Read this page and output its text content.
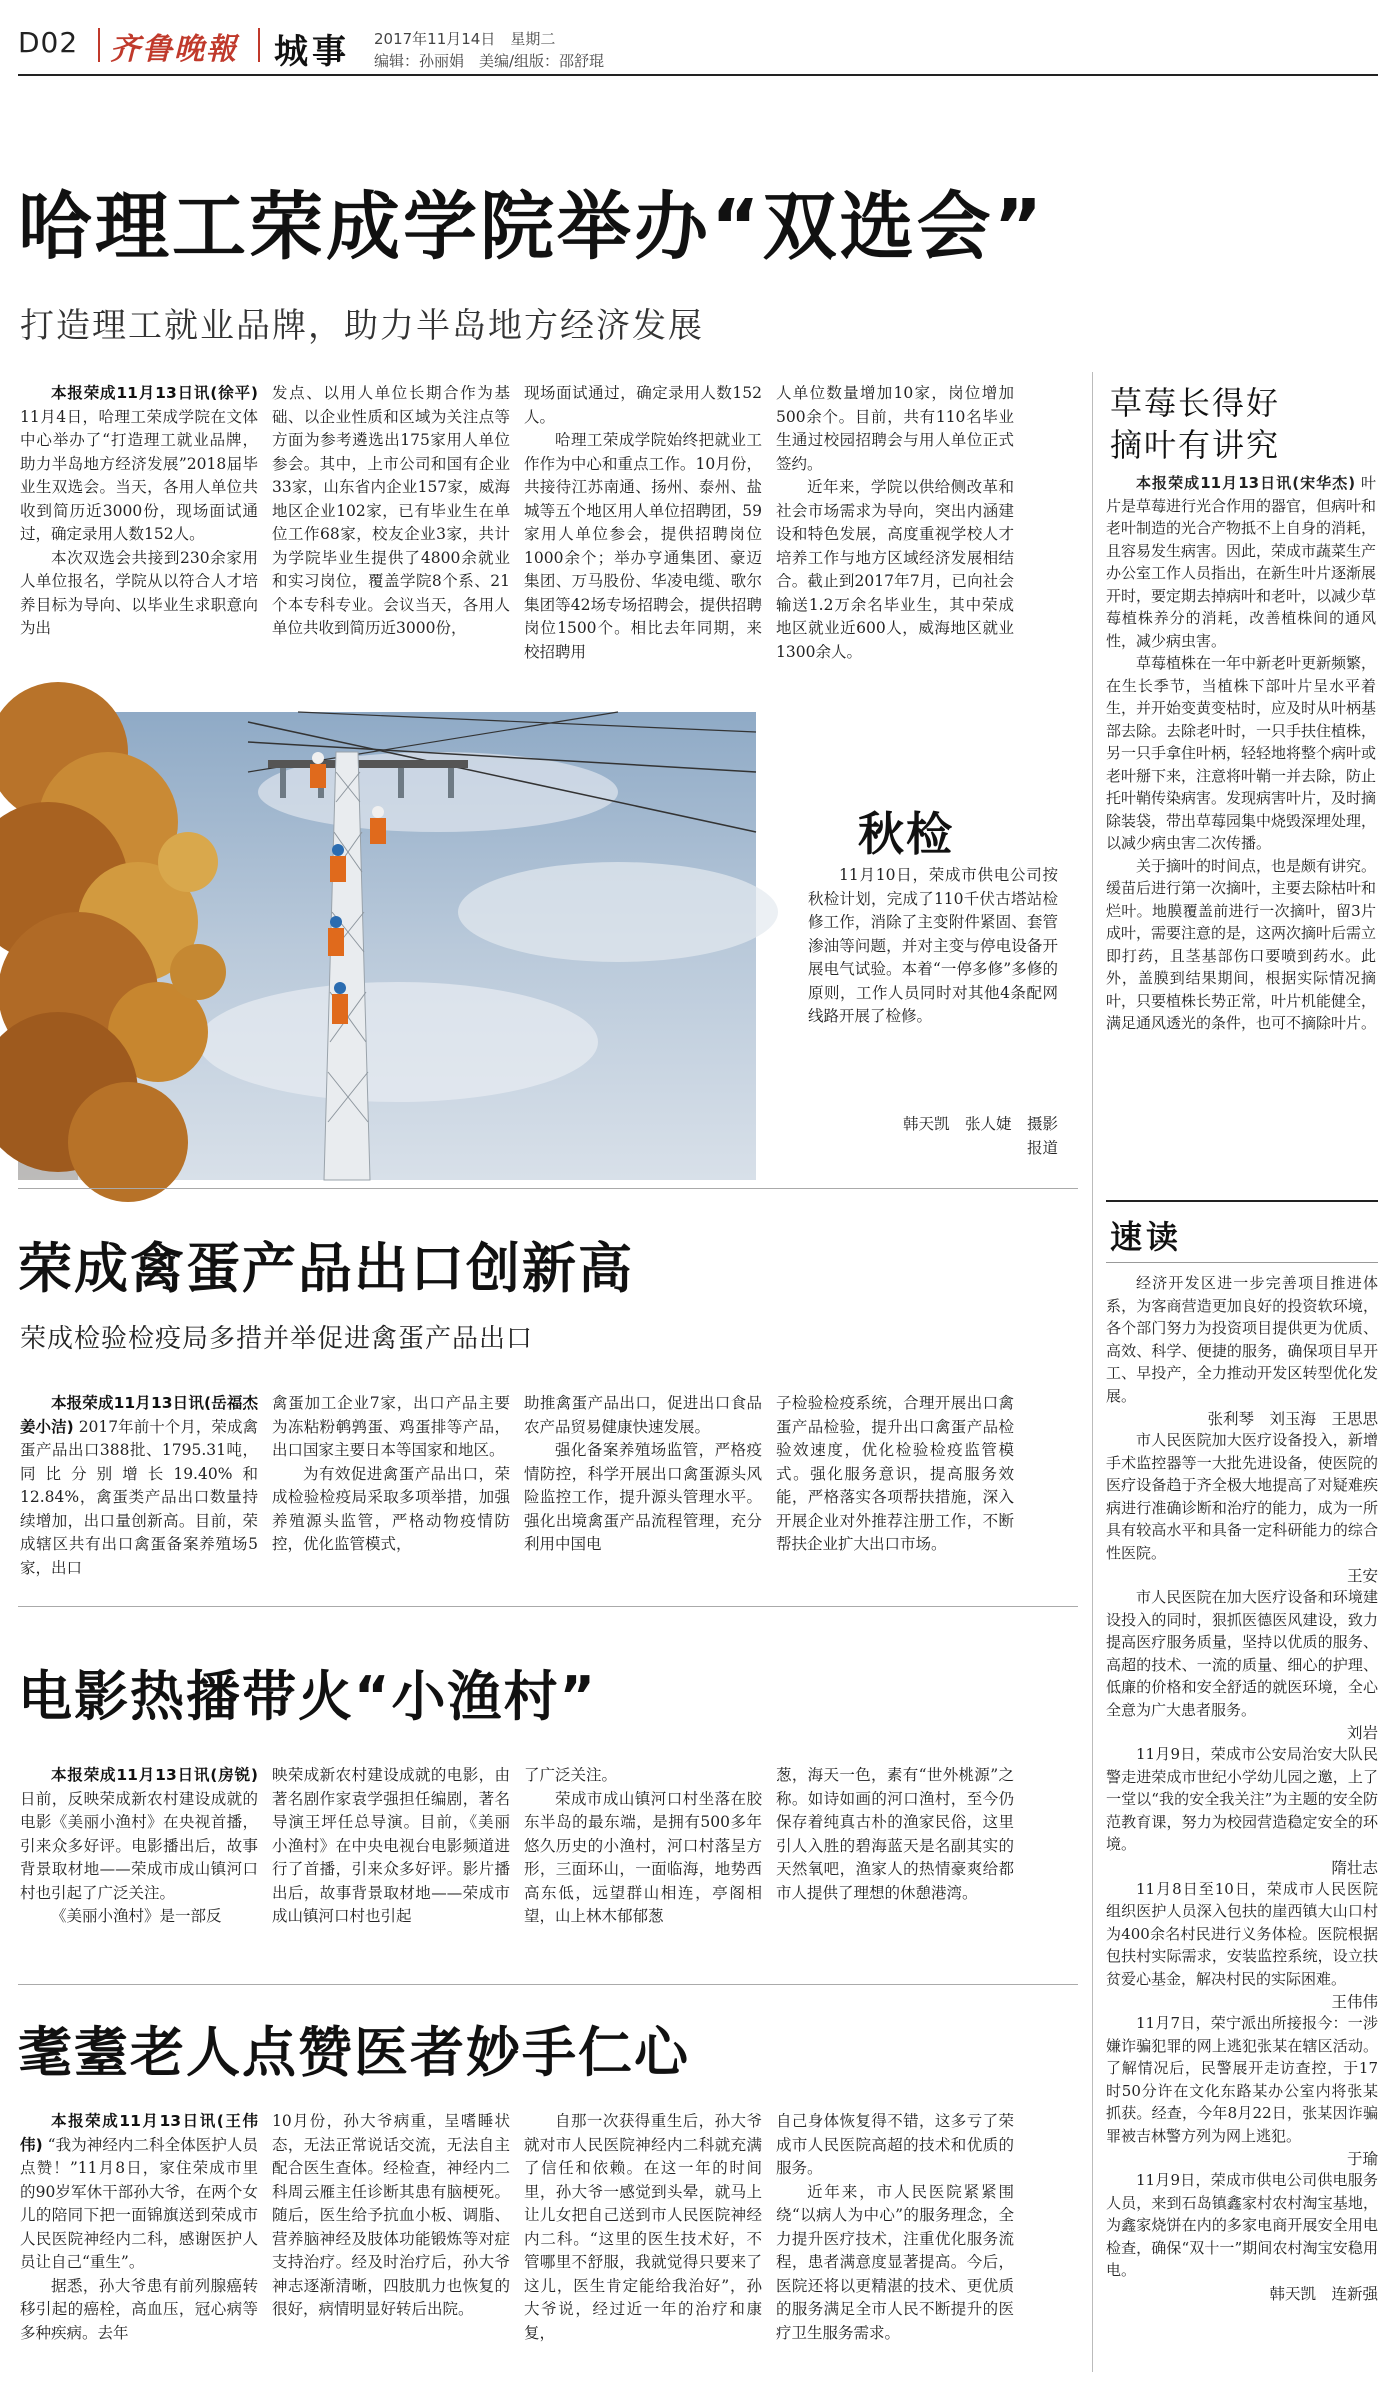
D02 齐鲁晚報 城事 2017年11月14日　星期二
编辑：孙丽娟　美编/组版：邵舒琨
哈理工荣成学院举办“双选会”
打造理工就业品牌，助力半岛地方经济发展

本报荣成11月13日讯(徐平) 11月4日，哈理工荣成学院在文体中心举办了“打造理工就业品牌，助力半岛地方经济发展”2018届毕业生双选会。当天，各用人单位共收到简历近3000份，现场面试通过，确定录用人数152人。

本次双选会共接到230余家用人单位报名，学院从以符合人才培养目标为导向、以毕业生求职意向为出

发点、以用人单位长期合作为基础、以企业性质和区域为关注点等方面为参考遴选出175家用人单位参会。其中，上市公司和国有企业33家，山东省内企业157家，威海地区企业102家，已有毕业生在单位工作68家，校友企业3家，共计为学院毕业生提供了4800余就业和实习岗位，覆盖学院8个系、21个本专科专业。会议当天，各用人单位共收到简历近3000份，

现场面试通过，确定录用人数152人。

哈理工荣成学院始终把就业工作作为中心和重点工作。10月份，共接待江苏南通、扬州、泰州、盐城等五个地区用人单位招聘团，59家用人单位参会，提供招聘岗位1000余个；举办亨通集团、豪迈集团、万马股份、华凌电缆、歌尔集团等42场专场招聘会，提供招聘岗位1500个。相比去年同期，来校招聘用

人单位数量增加10家，岗位增加500余个。目前，共有110名毕业生通过校园招聘会与用人单位正式签约。

近年来，学院以供给侧改革和社会市场需求为导向，突出内涵建设和特色发展，高度重视学校人才培养工作与地方区域经济发展相结合。截止到2017年7月，已向社会输送1.2万余名毕业生，其中荣成地区就业近600人，威海地区就业1300余人。

秋检

11月10日，荣成市供电公司按秋检计划，完成了110千伏古塔站检修工作，消除了主变附件紧固、套管渗油等问题，并对主变与停电设备开展电气试验。本着“一停多修”多修的原则，工作人员同时对其他4条配网线路开展了检修。

韩天凯　张人婕　摄影
报道
荣成禽蛋产品出口创新高
荣成检验检疫局多措并举促进禽蛋产品出口

本报荣成11月13日讯(岳福杰　姜小洁) 2017年前十个月，荣成禽蛋产品出口388批、1795.31吨，同比分别增长19.40%和12.84%，禽蛋类产品出口数量持续增加，出口量创新高。目前，荣成辖区共有出口禽蛋备案养殖场5家，出口

禽蛋加工企业7家，出口产品主要为冻粘粉鹌鹑蛋、鸡蛋排等产品，出口国家主要日本等国家和地区。

为有效促进禽蛋产品出口，荣成检验检疫局采取多项举措，加强养殖源头监管，严格动物疫情防控，优化监管模式，

助推禽蛋产品出口，促进出口食品农产品贸易健康快速发展。

强化备案养殖场监管，严格疫情防控，科学开展出口禽蛋源头风险监控工作，提升源头管理水平。强化出境禽蛋产品流程管理，充分利用中国电

子检验检疫系统，合理开展出口禽蛋产品检验，提升出口禽蛋产品检验效速度，优化检验检疫监管模式。强化服务意识，提高服务效能，严格落实各项帮扶措施，深入开展企业对外推荐注册工作，不断帮扶企业扩大出口市场。

电影热播带火“小渔村”

本报荣成11月13日讯(房锐) 日前，反映荣成新农村建设成就的电影《美丽小渔村》在央视首播，引来众多好评。电影播出后，故事背景取材地——荣成市成山镇河口村也引起了广泛关注。

《美丽小渔村》是一部反

映荣成新农村建设成就的电影，由著名剧作家袁学强担任编剧，著名导演王坪任总导演。目前，《美丽小渔村》在中央电视台电影频道进行了首播，引来众多好评。影片播出后，故事背景取材地——荣成市成山镇河口村也引起

了广泛关注。

荣成市成山镇河口村坐落在胶东半岛的最东端，是拥有500多年悠久历史的小渔村，河口村落呈方形，三面环山，一面临海，地势西高东低，远望群山相连，亭阁相望，山上林木郁郁葱

葱，海天一色，素有“世外桃源”之称。如诗如画的河口渔村，至今仍保存着纯真古朴的渔家民俗，这里引人入胜的碧海蓝天是名副其实的天然氧吧，渔家人的热情豪爽给都市人提供了理想的休憩港湾。

耄耋老人点赞医者妙手仁心

本报荣成11月13日讯(王伟伟) “我为神经内二科全体医护人员点赞！”11月8日，家住荣成市里的90岁军休干部孙大爷，在两个女儿的陪同下把一面锦旗送到荣成市人民医院神经内二科，感谢医护人员让自己“重生”。

据悉，孙大爷患有前列腺癌转移引起的癌栓，高血压，冠心病等多种疾病。去年

10月份，孙大爷病重，呈嗜睡状态，无法正常说话交流，无法自主配合医生查体。经检查，神经内二科周云雁主任诊断其患有脑梗死。随后，医生给予抗血小板、调脂、营养脑神经及肢体功能锻炼等对症支持治疗。经及时治疗后，孙大爷神志逐渐清晰，四肢肌力也恢复的很好，病情明显好转后出院。

自那一次获得重生后，孙大爷就对市人民医院神经内二科就充满了信任和依赖。在这一年的时间里，孙大爷一感觉到头晕，就马上让儿女把自己送到市人民医院神经内二科。“这里的医生技术好，不管哪里不舒服，我就觉得只要来了这儿，医生肯定能给我治好”，孙大爷说，经过近一年的治疗和康复，

自己身体恢复得不错，这多亏了荣成市人民医院高超的技术和优质的服务。

近年来，市人民医院紧紧围绕“以病人为中心”的服务理念，全力提升医疗技术，注重优化服务流程，患者满意度显著提高。今后，医院还将以更精湛的技术、更优质的服务满足全市人民不断提升的医疗卫生服务需求。

草莓长得好
摘叶有讲究

本报荣成11月13日讯(宋华杰) 叶片是草莓进行光合作用的器官，但病叶和老叶制造的光合产物抵不上自身的消耗，且容易发生病害。因此，荣成市蔬菜生产办公室工作人员指出，在新生叶片逐渐展开时，要定期去掉病叶和老叶，以减少草莓植株养分的消耗，改善植株间的通风性，减少病虫害。

草莓植株在一年中新老叶更新频繁，在生长季节，当植株下部叶片呈水平着生，并开始变黄变枯时，应及时从叶柄基部去除。去除老叶时，一只手扶住植株，另一只手拿住叶柄，轻轻地将整个病叶或老叶掰下来，注意将叶鞘一并去除，防止托叶鞘传染病害。发现病害叶片，及时摘除装袋，带出草莓园集中烧毁深埋处理，以减少病虫害二次传播。

关于摘叶的时间点，也是颇有讲究。缓苗后进行第一次摘叶，主要去除枯叶和烂叶。地膜覆盖前进行一次摘叶，留3片成叶，需要注意的是，这两次摘叶后需立即打药，且茎基部伤口要喷到药水。此外，盖膜到结果期间，根据实际情况摘叶，只要植株长势正常，叶片机能健全，满足通风透光的条件，也可不摘除叶片。

速读

经济开发区进一步完善项目推进体系，为客商营造更加良好的投资软环境，各个部门努力为投资项目提供更为优质、高效、科学、便捷的服务，确保项目早开工、早投产，全力推动开发区转型优化发展。

张利琴　刘玉海　王思思

市人民医院加大医疗设备投入，新增手术监控器等一大批先进设备，使医院的医疗设备趋于齐全极大地提高了对疑难疾病进行准确诊断和治疗的能力，成为一所具有较高水平和具备一定科研能力的综合性医院。

王安

市人民医院在加大医疗设备和环境建设投入的同时，狠抓医德医风建设，致力提高医疗服务质量，坚持以优质的服务、高超的技术、一流的质量、细心的护理、低廉的价格和安全舒适的就医环境，全心全意为广大患者服务。

刘岩

11月9日，荣成市公安局治安大队民警走进荣成市世纪小学幼儿园之邀，上了一堂以“我的安全我关注”为主题的安全防范教育课，努力为校园营造稳定安全的环境。

隋壮志

11月8日至10日，荣成市人民医院组织医护人员深入包扶的崖西镇大山口村为400余名村民进行义务体检。医院根据包扶村实际需求，安装监控系统，设立扶贫爱心基金，解决村民的实际困难。

王伟伟

11月7日，荣宁派出所接报今：一涉嫌诈骗犯罪的网上逃犯张某在辖区活动。了解情况后，民警展开走访查控，于17时50分许在文化东路某办公室内将张某抓获。经查，今年8月22日，张某因诈骗罪被吉林警方列为网上逃犯。

于瑜

11月9日，荣成市供电公司供电服务人员，来到石岛镇鑫家村农村淘宝基地，为鑫家烧饼在内的多家电商开展安全用电检查，确保“双十一”期间农村淘宝安稳用电。

韩天凯　连新强
